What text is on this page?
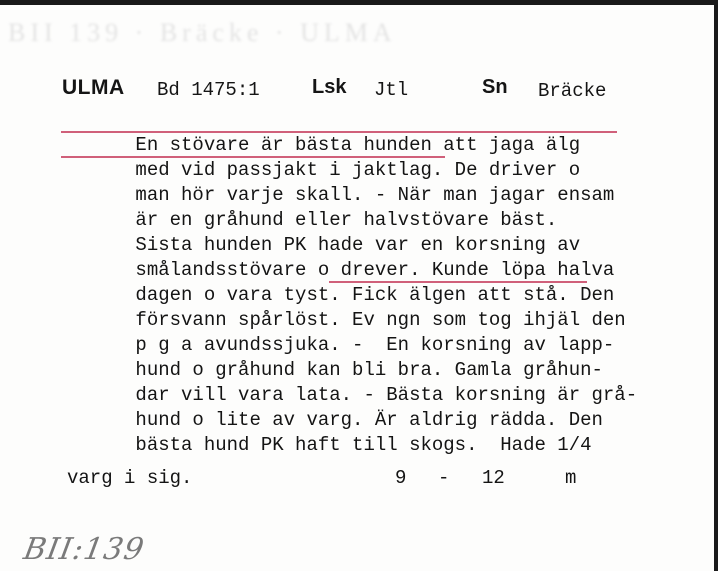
BII 139 · Bräcke · ULMA
ULMA Bd 1475:1	Lsk Jtl	Sn Bräcke

En stövare är bästa hunden att jaga älg

med vid passjakt i jaktlag. De driver o

man hör varje skall. - När man jagar ensam

är en gråhund eller halvstövare bäst.

Sista hunden PK hade var en korsning av

smålandsstövare o drever. Kunde löpa halva

dagen o vara tyst. Fick älgen att stå. Den

försvann spårlöst. Ev ngn som tog ihjäl den

p g a avundssjuka. -  En korsning av lapp-

hund o gråhund kan bli bra. Gamla gråhun-

dar vill vara lata. - Bästa korsning är grå-

hund o lite av varg. Är aldrig rädda. Den

bästa hund PK haft till skogs.  Hade 1/4

varg i sig.	9 - 12	m
BII:139
